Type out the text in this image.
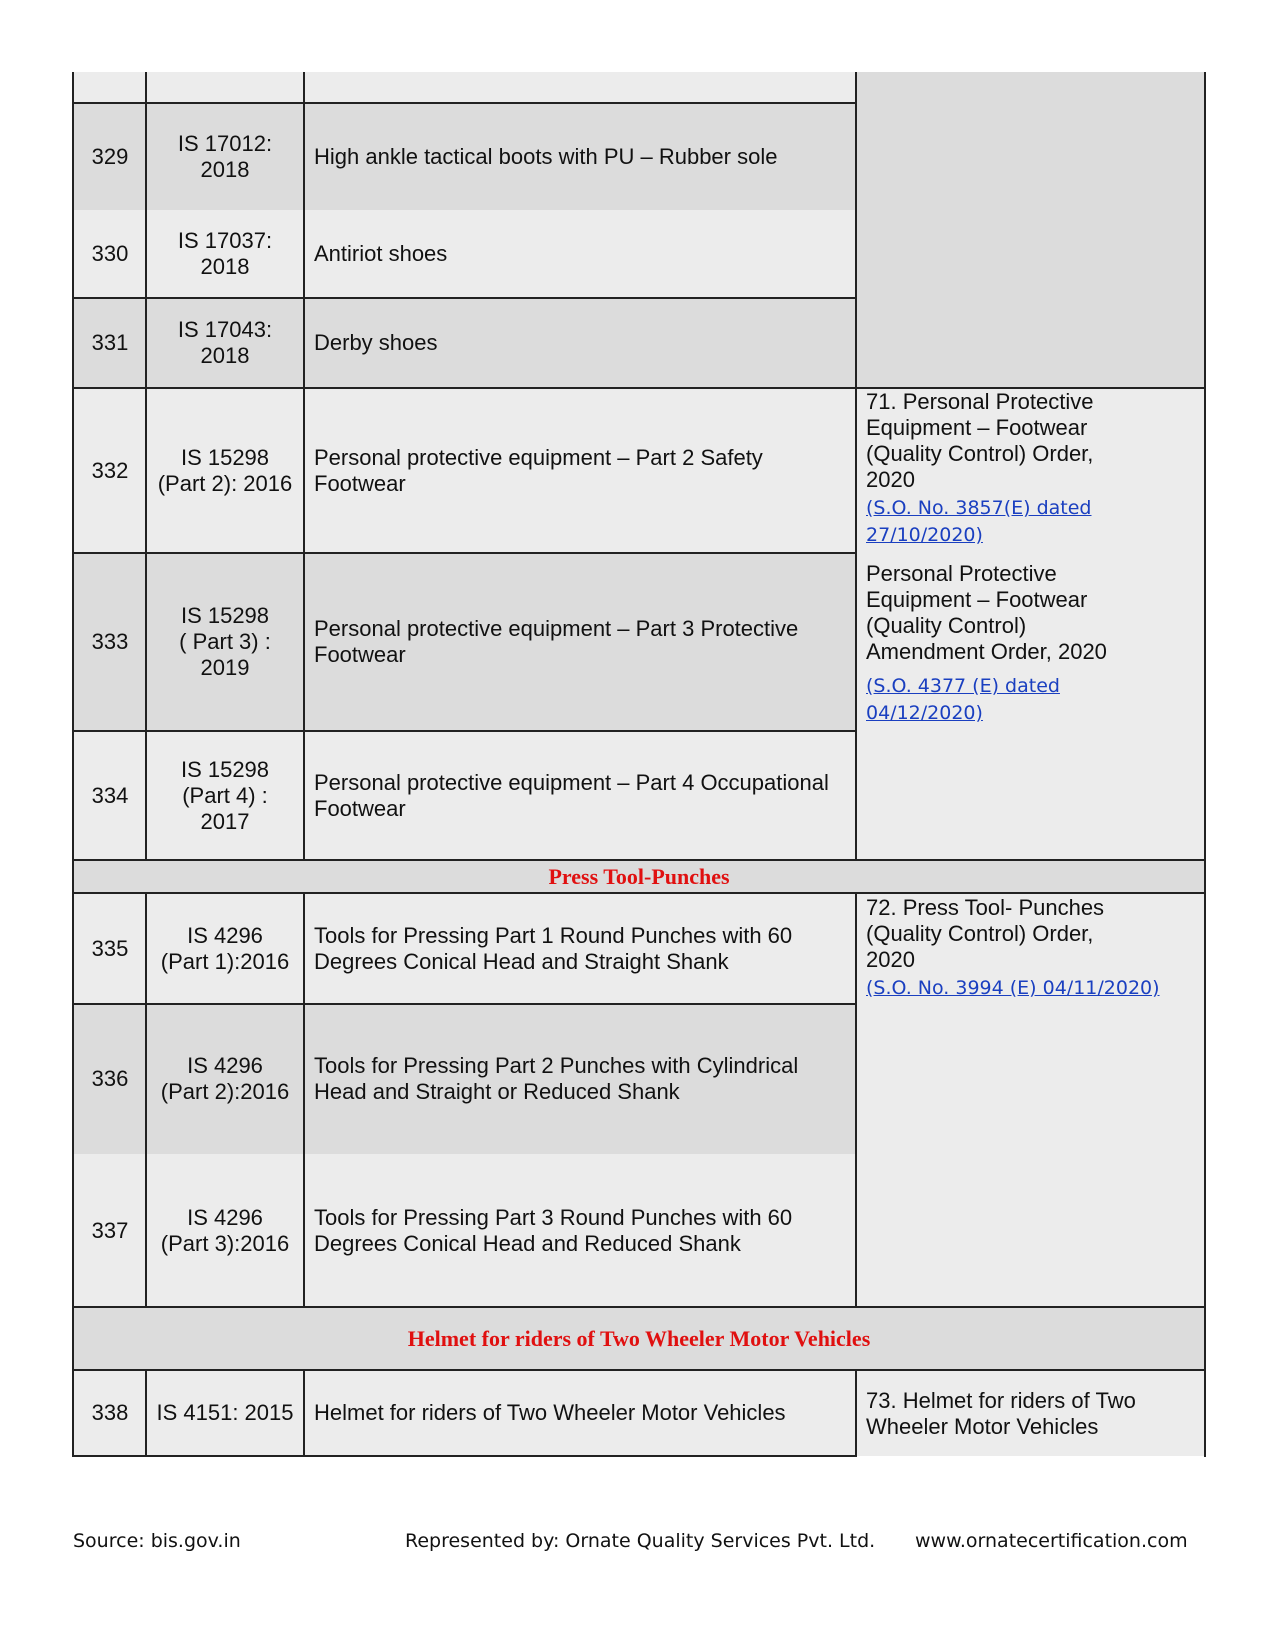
329
IS 17012:
2018
High ankle tactical boots with PU – Rubber sole
330
IS 17037:
2018
Antiriot shoes
331
IS 17043:
2018
Derby shoes
332
IS 15298
(Part 2): 2016
Personal protective equipment – Part 2 Safety
Footwear
333
IS 15298
( Part 3) :
2019
Personal protective equipment – Part 3 Protective
Footwear
334
IS 15298
(Part 4) :
2017
Personal protective equipment – Part 4 Occupational
Footwear
Press Tool-Punches
335
IS 4296
(Part 1):2016
Tools for Pressing Part 1 Round Punches with 60
Degrees Conical Head and Straight Shank
336
IS 4296
(Part 2):2016
Tools for Pressing Part 2 Punches with Cylindrical
Head and Straight or Reduced Shank
337
IS 4296
(Part 3):2016
Tools for Pressing Part 3 Round Punches with 60
Degrees Conical Head and Reduced Shank
Helmet for riders of Two Wheeler Motor Vehicles
338	IS 4151: 2015 Helmet for riders of Two Wheeler Motor Vehicles
71. Personal Protective
Equipment – Footwear
(Quality Control) Order,
2020
(S.O. No. 3857(E) dated
27/10/2020)
Personal Protective
Equipment – Footwear
(Quality Control)
Amendment Order, 2020
(S.O. 4377 (E) dated
04/12/2020)
72. Press Tool- Punches
(Quality Control) Order,
2020
(S.O. No. 3994 (E) 04/11/2020)
73. Helmet for riders of Two
Wheeler Motor Vehicles
Source: bis.gov.in	Represented by: Ornate Quality Services Pvt. Ltd. www.ornatecertification.com
